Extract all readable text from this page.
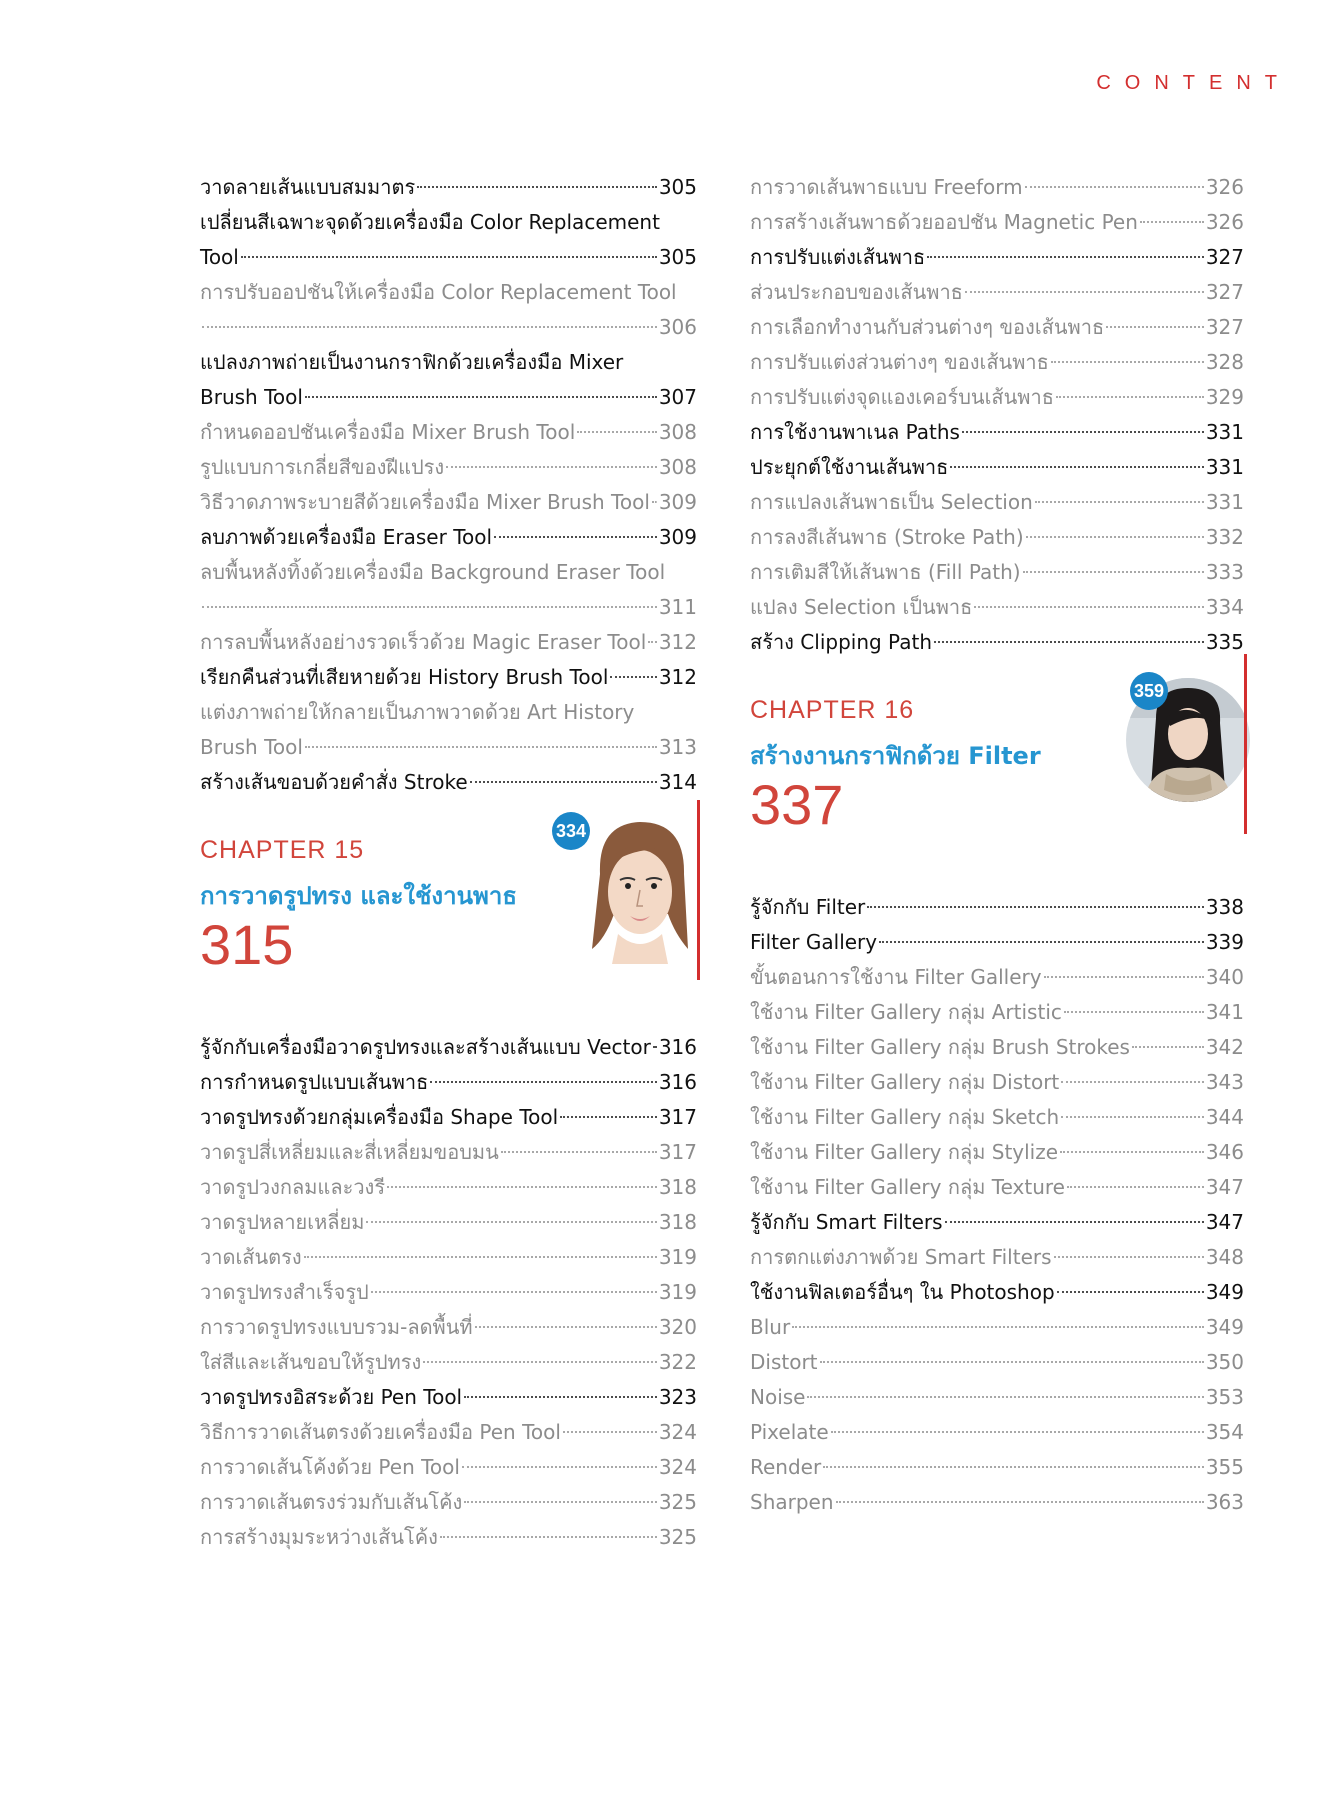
CONTENT
วาดลายเส้นแบบสมมาตร	305
เปลี่ยนสีเฉพาะจุดด้วยเครื่องมือ Color Replacement
Tool	305
การปรับออปชันให้เครื่องมือ Color Replacement Tool
306
แปลงภาพถ่ายเป็นงานกราฟิกด้วยเครื่องมือ Mixer
Brush Tool	307
กำหนดออปชันเครื่องมือ Mixer Brush Tool	308
รูปแบบการเกลี่ยสีของฝีแปรง	308
วิธีวาดภาพระบายสีด้วยเครื่องมือ Mixer Brush Tool 309
ลบภาพด้วยเครื่องมือ Eraser Tool	309
ลบพื้นหลังทิ้งด้วยเครื่องมือ Background Eraser Tool
311
การลบพื้นหลังอย่างรวดเร็วด้วย Magic Eraser Tool 312
เรียกคืนส่วนที่เสียหายด้วย History Brush Tool	312
แต่งภาพถ่ายให้กลายเป็นภาพวาดด้วย Art History
Brush Tool	313
สร้างเส้นขอบด้วยคำสั่ง Stroke	314
CHAPTER 15
การวาดรูปทรง และใช้งานพาธ
315
334
รู้จักกับเครื่องมือวาดรูปทรงและสร้างเส้นแบบ Vector 316
การกำหนดรูปแบบเส้นพาธ	316
วาดรูปทรงด้วยกลุ่มเครื่องมือ Shape Tool	317
วาดรูปสี่เหลี่ยมและสี่เหลี่ยมขอบมน	317
วาดรูปวงกลมและวงรี	318
วาดรูปหลายเหลี่ยม	318
วาดเส้นตรง	319
วาดรูปทรงสำเร็จรูป	319
การวาดรูปทรงแบบรวม-ลดพื้นที่	320
ใส่สีและเส้นขอบให้รูปทรง	322
วาดรูปทรงอิสระด้วย Pen Tool	323
วิธีการวาดเส้นตรงด้วยเครื่องมือ Pen Tool	324
การวาดเส้นโค้งด้วย Pen Tool	324
การวาดเส้นตรงร่วมกับเส้นโค้ง	325
การสร้างมุมระหว่างเส้นโค้ง	325
การวาดเส้นพาธแบบ Freeform	326
การสร้างเส้นพาธด้วยออปชัน Magnetic Pen	326
การปรับแต่งเส้นพาธ	327
ส่วนประกอบของเส้นพาธ	327
การเลือกทำงานกับส่วนต่างๆ ของเส้นพาธ	327
การปรับแต่งส่วนต่างๆ ของเส้นพาธ	328
การปรับแต่งจุดแองเคอร์บนเส้นพาธ	329
การใช้งานพาเนล Paths	331
ประยุกต์ใช้งานเส้นพาธ	331
การแปลงเส้นพาธเป็น Selection	331
การลงสีเส้นพาธ (Stroke Path)	332
การเติมสีให้เส้นพาธ (Fill Path)	333
แปลง Selection เป็นพาธ	334
สร้าง Clipping Path	335
CHAPTER 16
สร้างงานกราฟิกด้วย Filter
337
359
รู้จักกับ Filter	338
Filter Gallery	339
ขั้นตอนการใช้งาน Filter Gallery	340
ใช้งาน Filter Gallery กลุ่ม Artistic	341
ใช้งาน Filter Gallery กลุ่ม Brush Strokes	342
ใช้งาน Filter Gallery กลุ่ม Distort	343
ใช้งาน Filter Gallery กลุ่ม Sketch	344
ใช้งาน Filter Gallery กลุ่ม Stylize	346
ใช้งาน Filter Gallery กลุ่ม Texture	347
รู้จักกับ Smart Filters	347
การตกแต่งภาพด้วย Smart Filters	348
ใช้งานฟิลเตอร์อื่นๆ ใน Photoshop	349
Blur	349
Distort	350
Noise	353
Pixelate	354
Render	355
Sharpen	363
